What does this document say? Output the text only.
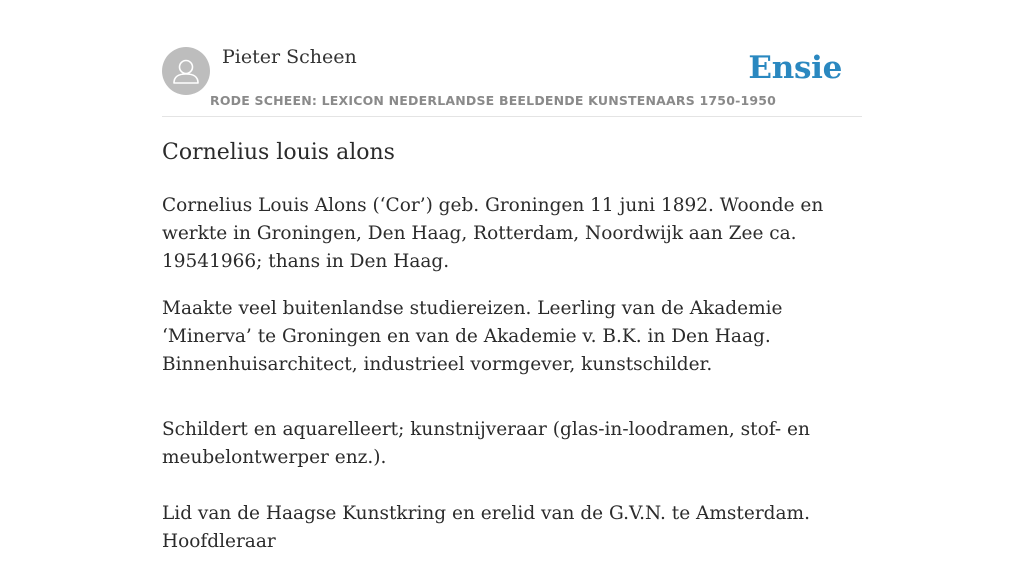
Pieter Scheen
RODE SCHEEN: LEXICON NEDERLANDSE BEELDENDE KUNSTENAARS 1750-1950
Ensie
Cornelius louis alons

Cornelius Louis Alons (‘Cor’) geb. Groningen 11 juni 1892. Woonde en werkte in Groningen, Den Haag, Rotterdam, Noordwijk aan Zee ca. 19541966; thans in Den Haag.

Maakte veel buitenlandse studiereizen. Leerling van de Akademie ‘Minerva’ te Groningen en van de Akademie v. B.K. in Den Haag. Binnenhuisarchitect, industrieel vormgever, kunstschilder.

Schildert en aquarelleert; kunstnijveraar (glas-in-loodramen, stof- en meubelontwerper enz.).

Lid van de Haagse Kunstkring en erelid van de G.V.N. te Amsterdam. Hoofdleraar
